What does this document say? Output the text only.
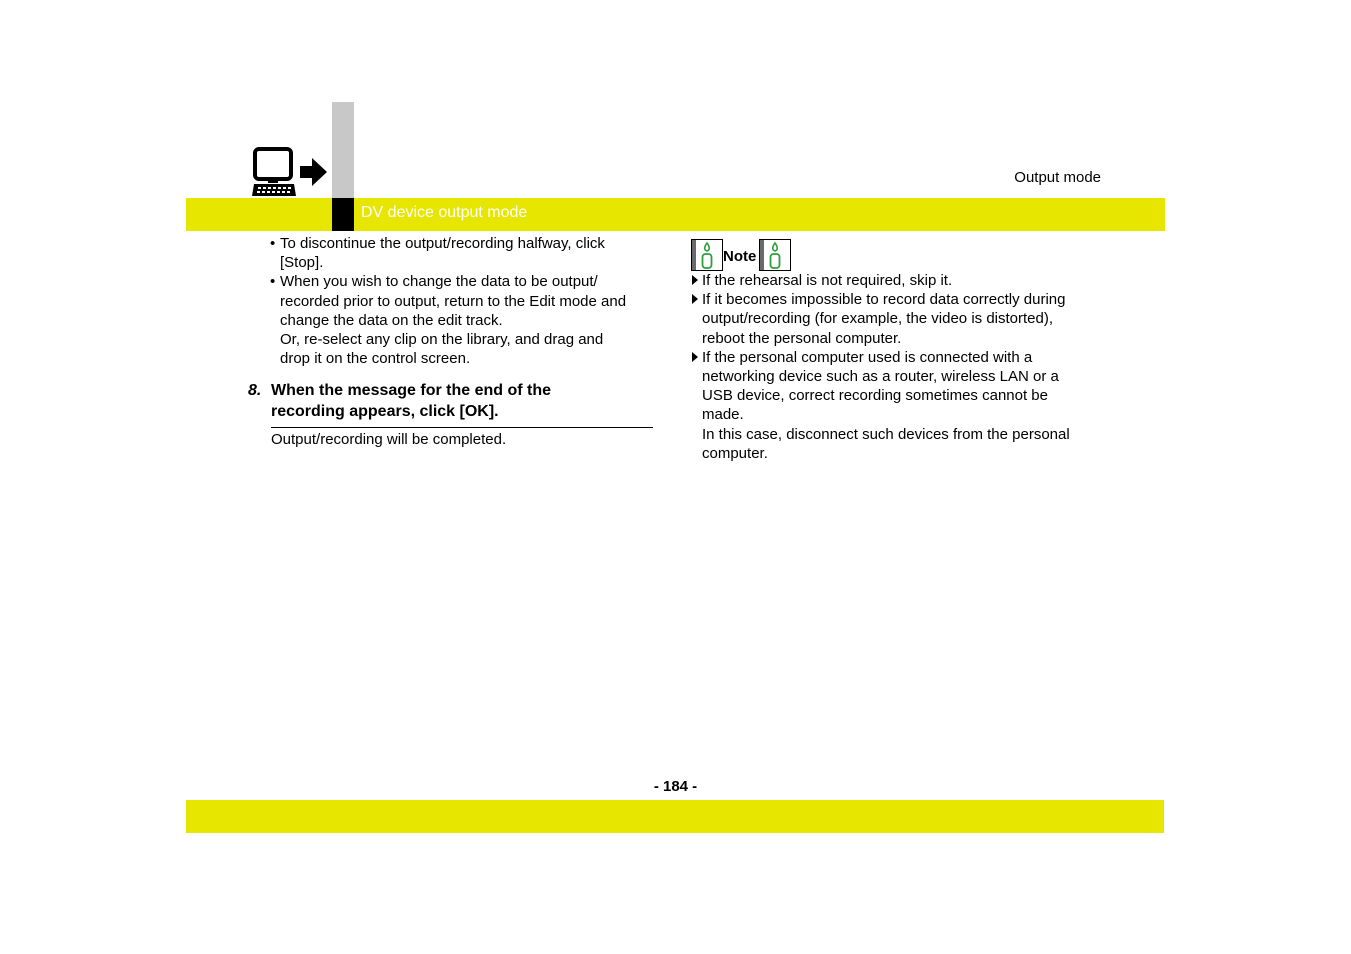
Output mode
DV device output mode
• To discontinue the output/recording halfway, click
[Stop].
• When you wish to change the data to be output/
recorded prior to output, return to the Edit mode and
change the data on the edit track.
Or, re-select any clip on the library, and drag and
drop it on the control screen.
8. When the message for the end of the
recording appears, click [OK].
Output/recording will be completed.
Note
If the rehearsal is not required, skip it.
If it becomes impossible to record data correctly during
output/recording (for example, the video is distorted),
reboot the personal computer.
If the personal computer used is connected with a
networking device such as a router, wireless LAN or a
USB device, correct recording sometimes cannot be
made.
In this case, disconnect such devices from the personal
computer.
- 184 -
